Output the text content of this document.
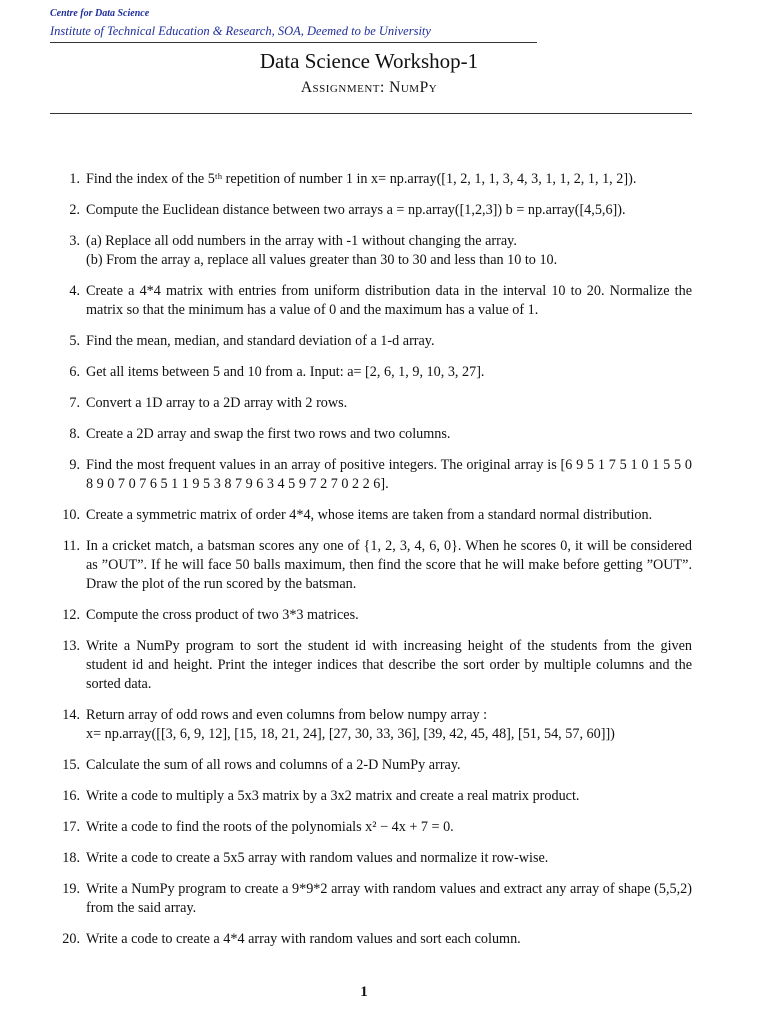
Centre for Data Science
Institute of Technical Education & Research, SOA, Deemed to be University
Data Science Workshop-1
Assignment: NumPy
1. Find the index of the 5ᵗʰ repetition of number 1 in x= np.array([1, 2, 1, 1, 3, 4, 3, 1, 1, 2, 1, 1, 2]).
2. Compute the Euclidean distance between two arrays a = np.array([1,2,3]) b = np.array([4,5,6]).
3. (a) Replace all odd numbers in the array with -1 without changing the array.
(b) From the array a, replace all values greater than 30 to 30 and less than 10 to 10.
4. Create a 4*4 matrix with entries from uniform distribution data in the interval 10 to 20. Normalize the matrix so that the minimum has a value of 0 and the maximum has a value of 1.
5. Find the mean, median, and standard deviation of a 1-d array.
6. Get all items between 5 and 10 from a. Input: a= [2, 6, 1, 9, 10, 3, 27].
7. Convert a 1D array to a 2D array with 2 rows.
8. Create a 2D array and swap the first two rows and two columns.
9. Find the most frequent values in an array of positive integers. The original array is [6 9 5 1 7 5 1 0 1 5 5 0 8 9 0 7 0 7 6 5 1 1 9 5 3 8 7 9 6 3 4 5 9 7 2 7 0 2 2 6].
10. Create a symmetric matrix of order 4*4, whose items are taken from a standard normal distribution.
11. In a cricket match, a batsman scores any one of {1, 2, 3, 4, 6, 0}. When he scores 0, it will be considered as ”OUT”. If he will face 50 balls maximum, then find the score that he will make before getting ”OUT”. Draw the plot of the run scored by the batsman.
12. Compute the cross product of two 3*3 matrices.
13. Write a NumPy program to sort the student id with increasing height of the students from the given student id and height. Print the integer indices that describe the sort order by multiple columns and the sorted data.
14. Return array of odd rows and even columns from below numpy array :
x= np.array([[3, 6, 9, 12], [15, 18, 21, 24], [27, 30, 33, 36], [39, 42, 45, 48], [51, 54, 57, 60]])
15. Calculate the sum of all rows and columns of a 2-D NumPy array.
16. Write a code to multiply a 5x3 matrix by a 3x2 matrix and create a real matrix product.
17. Write a code to find the roots of the polynomials x² − 4x + 7 = 0.
18. Write a code to create a 5x5 array with random values and normalize it row-wise.
19. Write a NumPy program to create a 9*9*2 array with random values and extract any array of shape (5,5,2) from the said array.
20. Write a code to create a 4*4 array with random values and sort each column.
1
